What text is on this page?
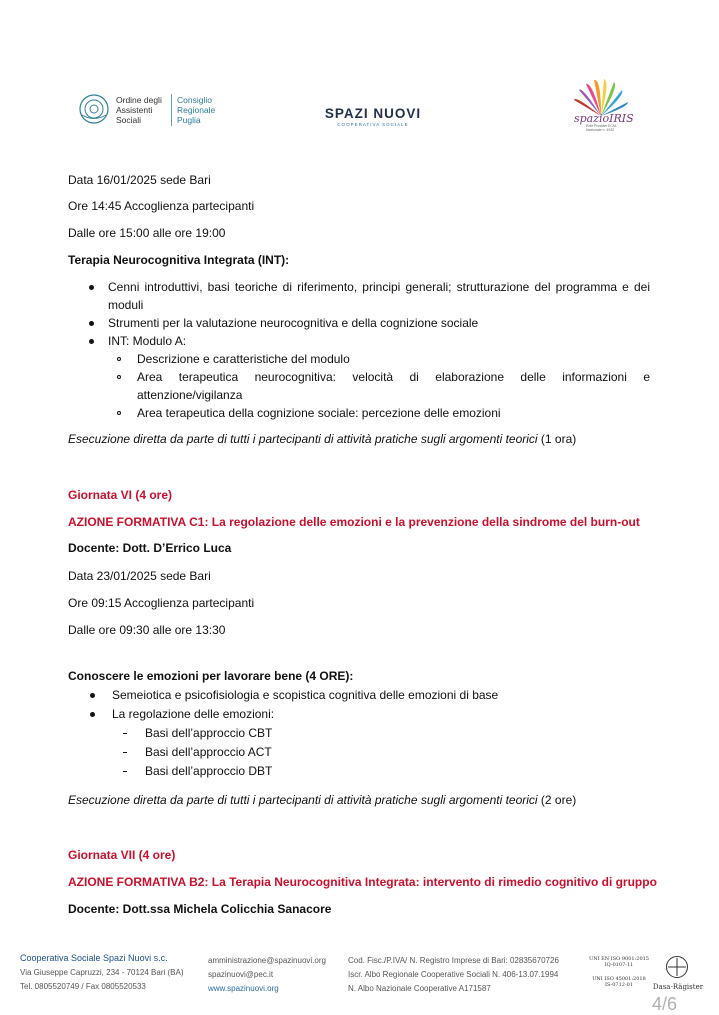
Ordine degli
Assistenti
Sociali
Consiglio
Regionale
Puglia	SPAZI NUOVI
COOPERATIVA SOCIALE	spazioIRIS
Ente Provider ECM Nazionale n. 4932
Data 16/01/2025 sede Bari
Ore 14:45 Accoglienza partecipanti
Dalle ore 15:00 alle ore 19:00
Terapia Neurocognitiva Integrata (INT):
Cenni introduttivi, basi teoriche di riferimento, principi generali; strutturazione del programma e dei
moduli
Strumenti per la valutazione neurocognitiva e della cognizione sociale
INT: Modulo A:
Descrizione e caratteristiche del modulo
Area terapeutica neurocognitiva: velocità di elaborazione delle informazioni e
attenzione/vigilanza
Area terapeutica della cognizione sociale: percezione delle emozioni
Esecuzione diretta da parte di tutti i partecipanti di attività pratiche sugli argomenti teorici (1 ora)
Giornata VI (4 ore)
AZIONE FORMATIVA C1: La regolazione delle emozioni e la prevenzione della sindrome del burn-out
Docente: Dott. D’Errico Luca
Data 23/01/2025 sede Bari
Ore 09:15 Accoglienza partecipanti
Dalle ore 09:30 alle ore 13:30
Conoscere le emozioni per lavorare bene (4 ORE):
Semeiotica e psicofisiologia e scopistica cognitiva delle emozioni di base
La regolazione delle emozioni:
Basi dell’approccio CBT
Basi dell’approccio ACT
Basi dell’approccio DBT
Esecuzione diretta da parte di tutti i partecipanti di attività pratiche sugli argomenti teorici (2 ore)
Giornata VII (4 ore)
AZIONE FORMATIVA B2: La Terapia Neurocognitiva Integrata: intervento di rimedio cognitivo di gruppo
Docente: Dott.ssa Michela Colicchia Sanacore
Cooperativa Sociale Spazi Nuovi s.c.
Via Giuseppe Capruzzi, 234 - 70124 Bari (BA)
Tel. 0805520749 / Fax 0805520533
amministrazione@spazinuovi.org
spazinuovi@pec.it
www.spazinuovi.org
Cod. Fisc./P.IVA/ N. Registro Imprese di Bari: 02835670726
Iscr. Albo Regionale Cooperative Sociali N. 406-13.07.1994
N. Albo Nazionale Cooperative A171587
UNI EN ISO 9001:2015
IQ-0107-11
UNI ISO 45001:2018
IS-0712-01	Dasa-Rägister
4/6
